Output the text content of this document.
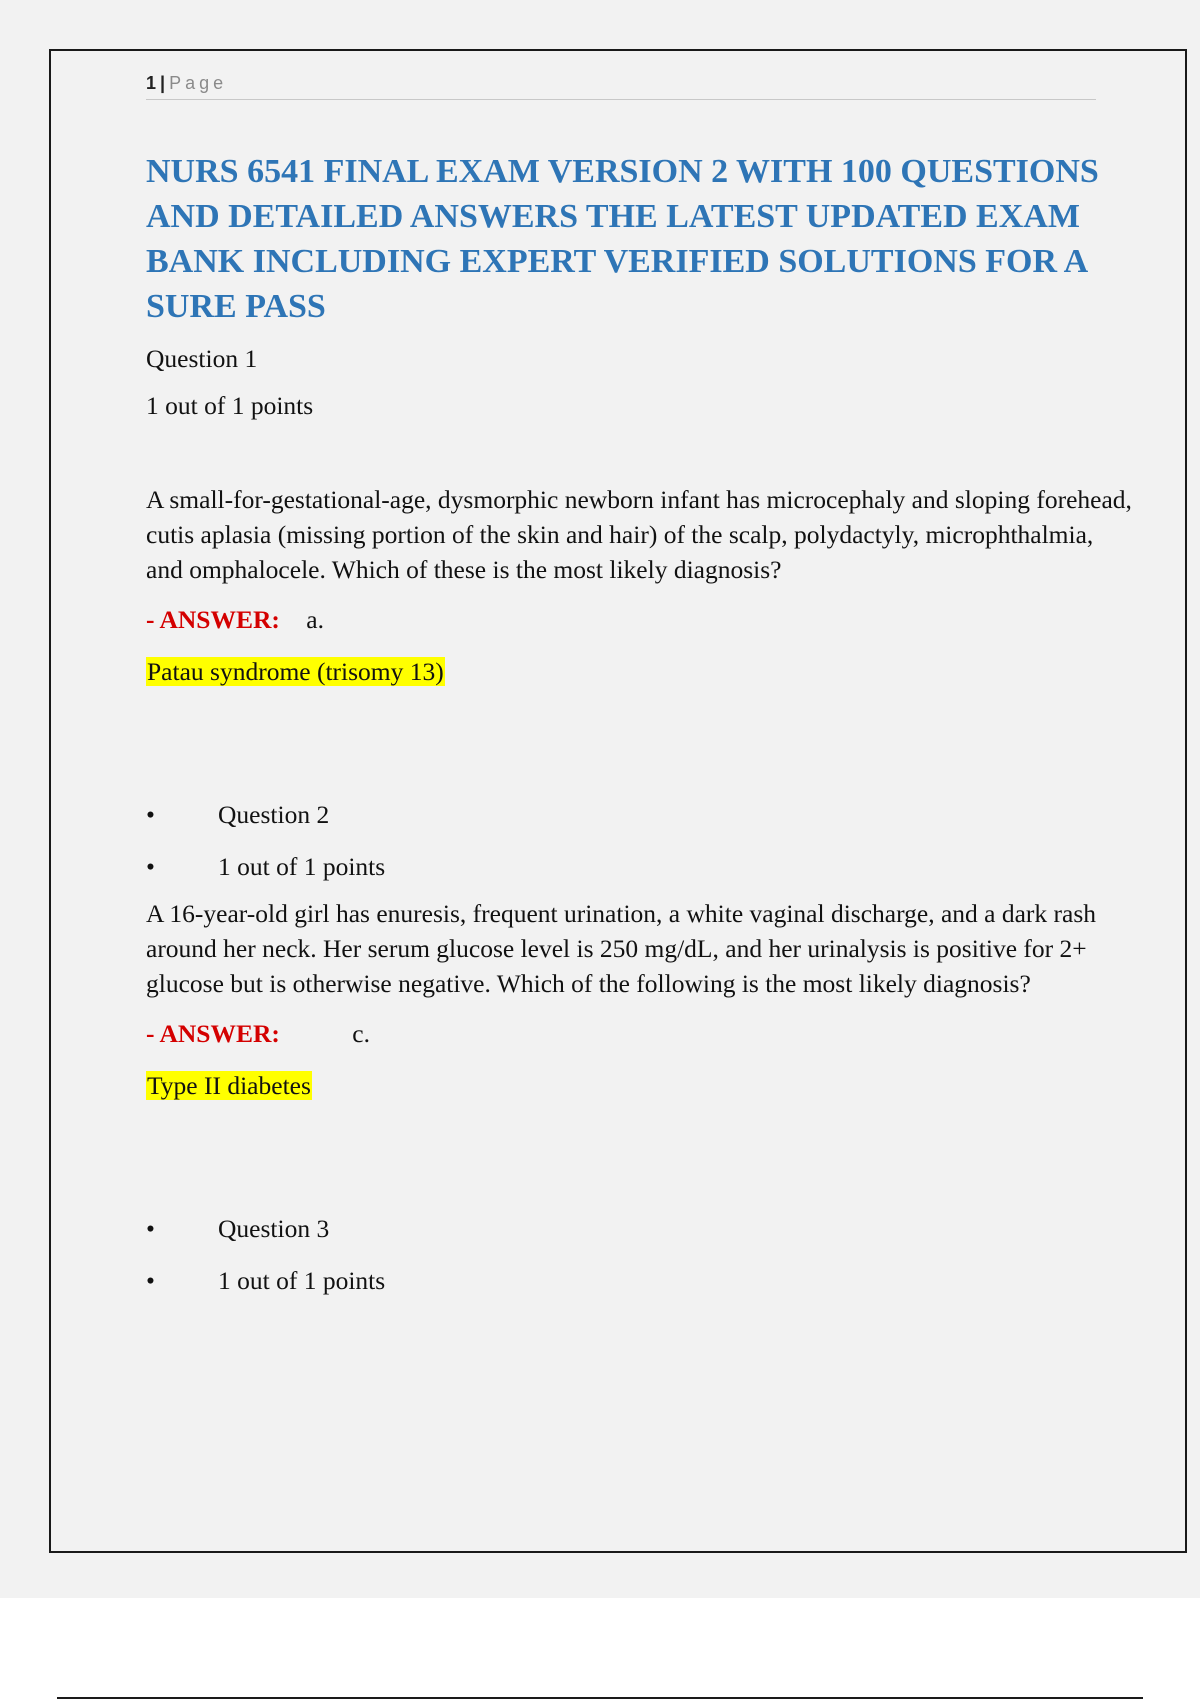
1 | Page
NURS 6541 FINAL EXAM VERSION 2 WITH 100 QUESTIONS AND DETAILED ANSWERS THE LATEST UPDATED EXAM BANK INCLUDING EXPERT VERIFIED SOLUTIONS FOR A SURE PASS

Question 1

1 out of 1 points

A small-for-gestational-age, dysmorphic newborn infant has microcephaly and sloping forehead, cutis aplasia (missing portion of the skin and hair) of the scalp, polydactyly, microphthalmia, and omphalocele. Which of these is the most likely diagnosis?

- ANSWER: a.

Patau syndrome (trisomy 13)

•	Question 2
•	1 out of 1 points

A 16-year-old girl has enuresis, frequent urination, a white vaginal discharge, and a dark rash around her neck. Her serum glucose level is 250 mg/dL, and her urinalysis is positive for 2+ glucose but is otherwise negative. Which of the following is the most likely diagnosis?

- ANSWER:	c.

Type II diabetes

•	Question 3
•	1 out of 1 points
